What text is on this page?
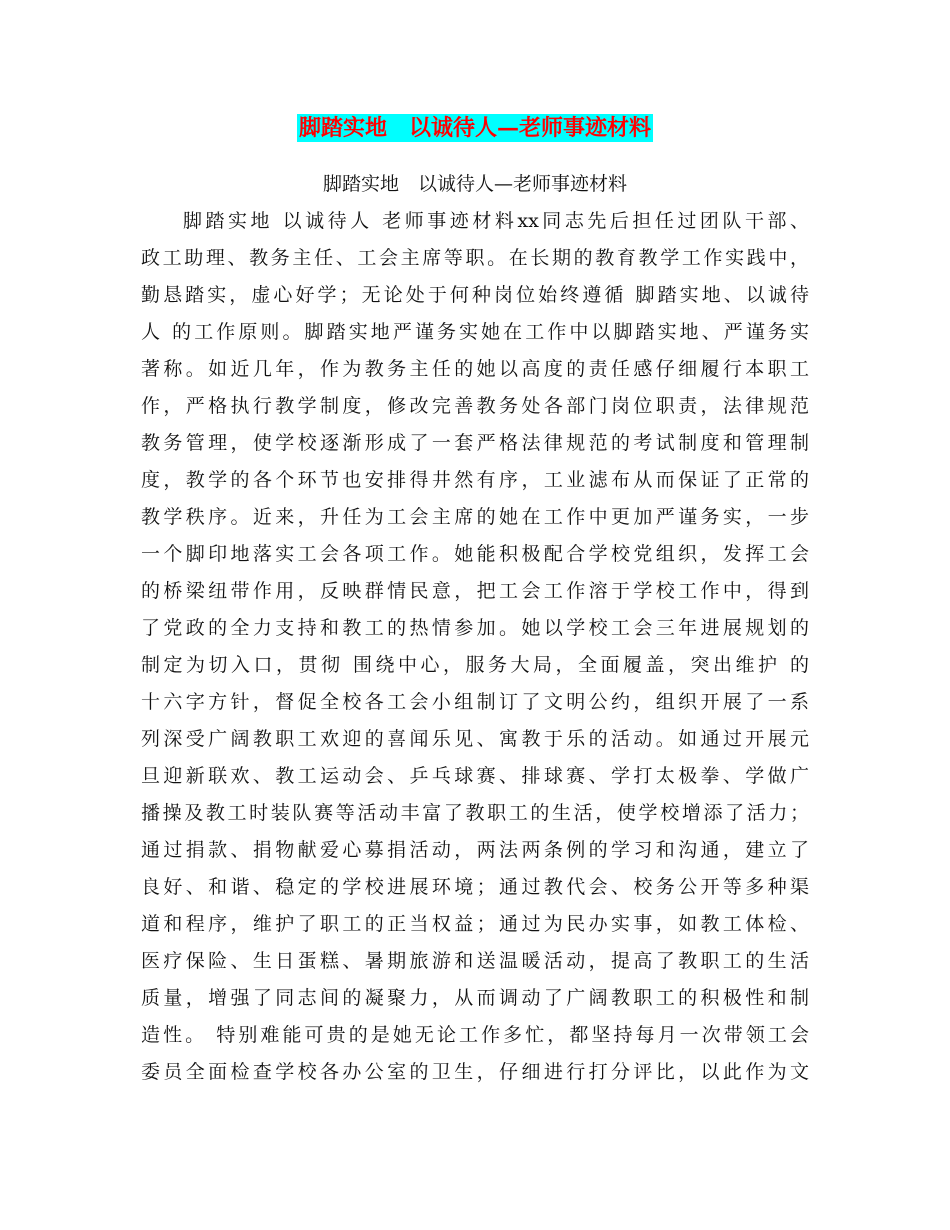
脚踏实地　以诚待人—老师事迹材料
脚踏实地　以诚待人—老师事迹材料
脚踏实地 以诚待人 老师事迹材料xx同志先后担任过团队干部、
政工助理、教务主任、工会主席等职。在长期的教育教学工作实践中，
勤恳踏实，虚心好学；无论处于何种岗位始终遵循 脚踏实地、以诚待
人 的工作原则。脚踏实地严谨务实她在工作中以脚踏实地、严谨务实
著称。如近几年，作为教务主任的她以高度的责任感仔细履行本职工
作，严格执行教学制度，修改完善教务处各部门岗位职责，法律规范
教务管理，使学校逐渐形成了一套严格法律规范的考试制度和管理制
度，教学的各个环节也安排得井然有序，工业滤布从而保证了正常的
教学秩序。近来，升任为工会主席的她在工作中更加严谨务实，一步
一个脚印地落实工会各项工作。她能积极配合学校党组织，发挥工会
的桥梁纽带作用，反映群情民意，把工会工作溶于学校工作中，得到
了党政的全力支持和教工的热情参加。她以学校工会三年进展规划的
制定为切入口，贯彻 围绕中心，服务大局，全面履盖，突出维护 的
十六字方针，督促全校各工会小组制订了文明公约，组织开展了一系
列深受广阔教职工欢迎的喜闻乐见、寓教于乐的活动。如通过开展元
旦迎新联欢、教工运动会、乒乓球赛、排球赛、学打太极拳、学做广
播操及教工时装队赛等活动丰富了教职工的生活，使学校增添了活力；
通过捐款、捐物献爱心募捐活动，两法两条例的学习和沟通，建立了
良好、和谐、稳定的学校进展环境；通过教代会、校务公开等多种渠
道和程序，维护了职工的正当权益；通过为民办实事，如教工体检、
医疗保险、生日蛋糕、暑期旅游和送温暖活动，提高了教职工的生活
质量，增强了同志间的凝聚力，从而调动了广阔教职工的积极性和制
造性。 特别难能可贵的是她无论工作多忙，都坚持每月一次带领工会
委员全面检查学校各办公室的卫生，仔细进行打分评比，以此作为文
